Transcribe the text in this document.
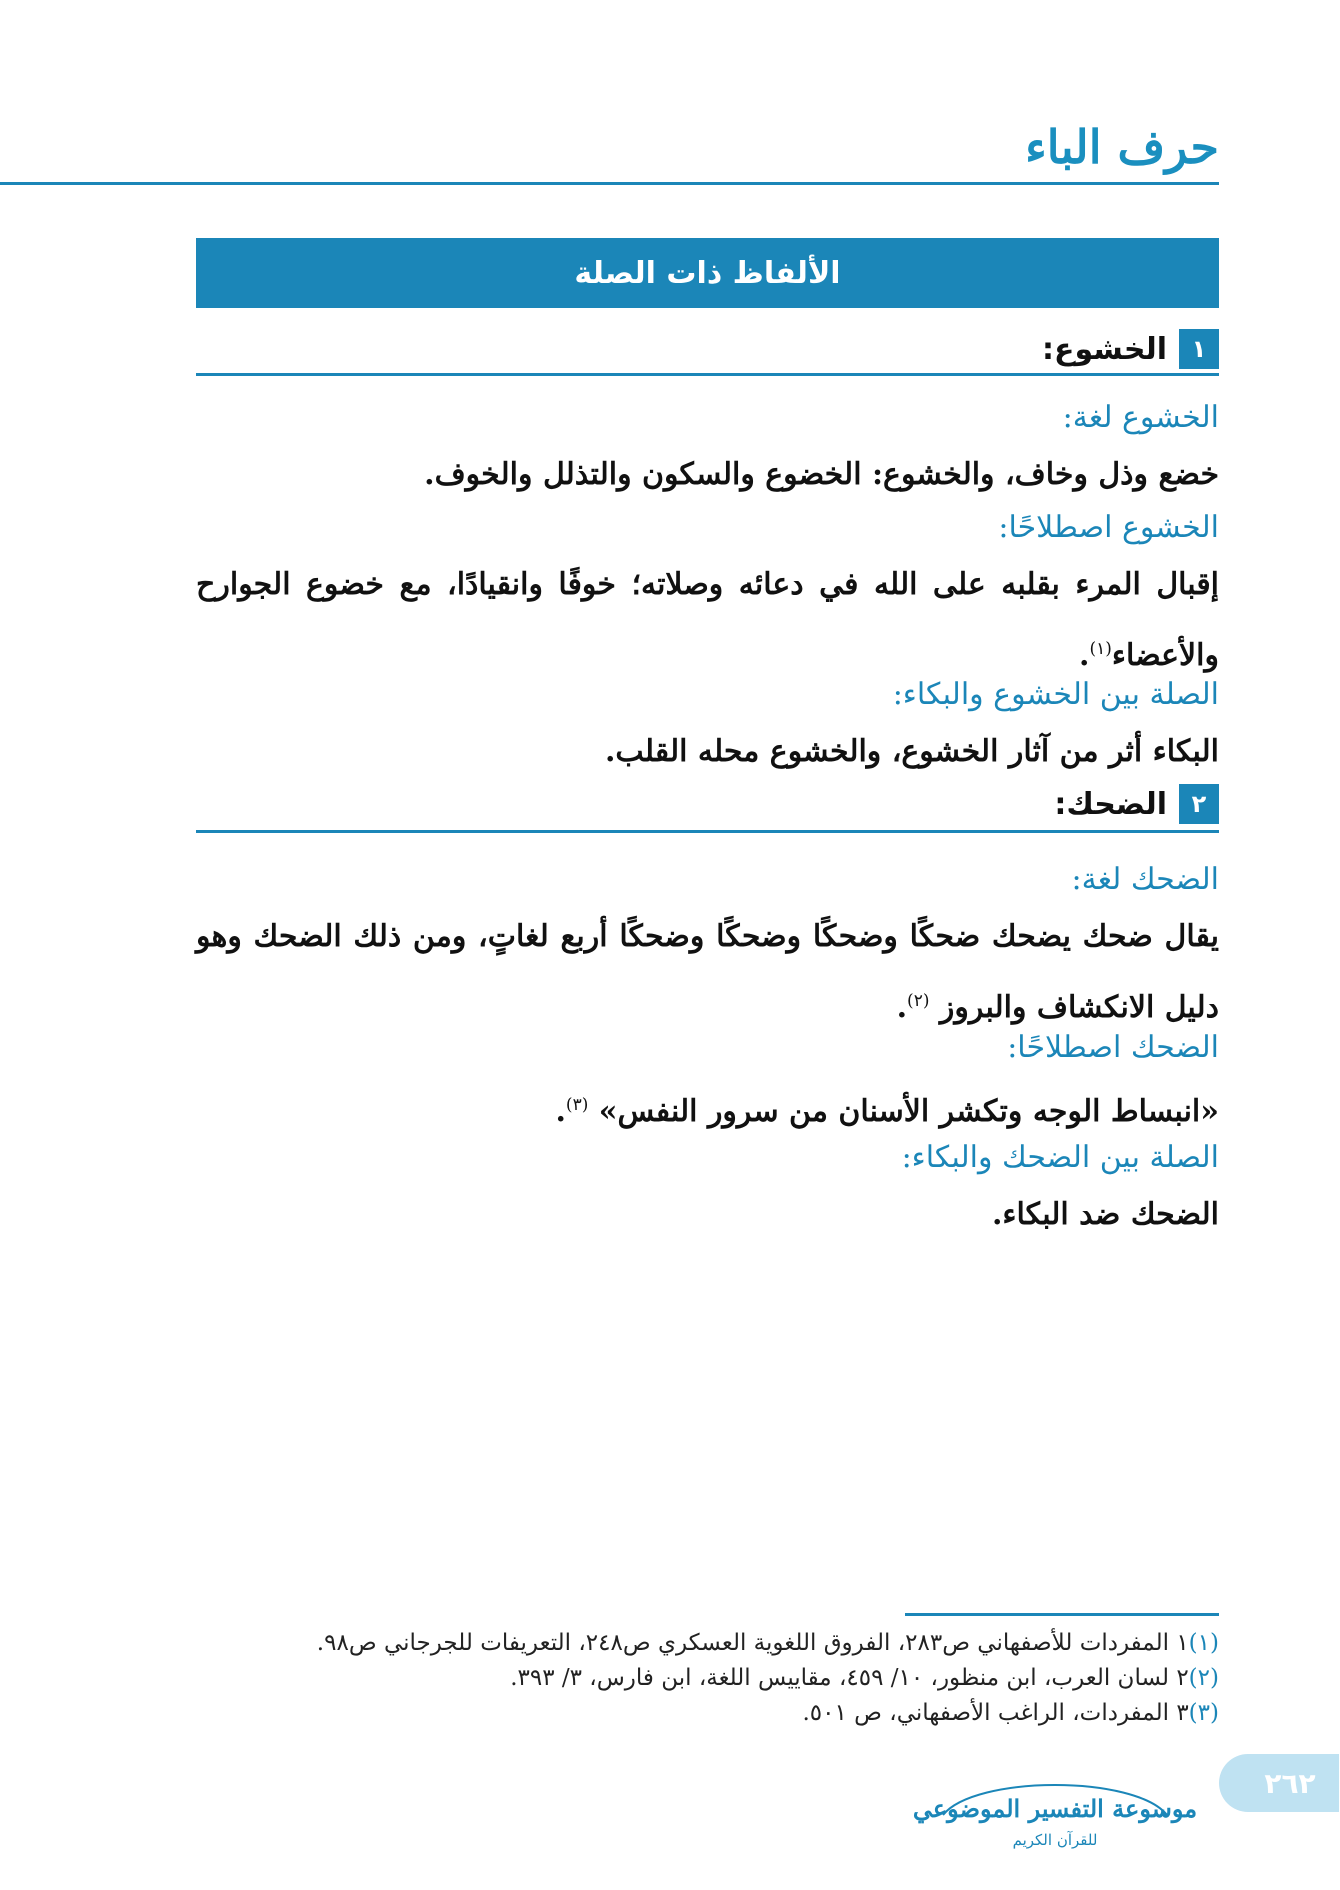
حرف الباء
الألفاظ ذات الصلة
١
الخشوع:
الخشوع لغة:
خضع وذل وخاف، والخشوع: الخضوع والسكون والتذلل والخوف.
الخشوع اصطلاحًا:
إقبال المرء بقلبه على الله في دعائه وصلاته؛ خوفًا وانقيادًا، مع خضوع الجوارح والأعضاء$^{(١)}$.
الصلة بين الخشوع والبكاء:
البكاء أثر من آثار الخشوع، والخشوع محله القلب.
٢
الضحك:
الضحك لغة:
يقال ضحك يضحك ضحكًا وضحكًا وضحكًا وضحكًا أربع لغاتٍ، ومن ذلك الضحك وهو دليل الانكشاف والبروز $^{(٢)}$.
الضحك اصطلاحًا:
«انبساط الوجه وتكشر الأسنان من سرور النفس» $^{(٣)}$.
الصلة بين الضحك والبكاء:
الضحك ضد البكاء.
(١)١ المفردات للأصفهاني ص٢٨٣، الفروق اللغوية العسكري ص٢٤٨، التعريفات للجرجاني ص٩٨.
(٢)٢ لسان العرب، ابن منظور، ١٠/ ٤٥٩، مقاييس اللغة، ابن فارس، ٣/ ٣٩٣.
(٣)٣ المفردات، الراغب الأصفهاني، ص ٥٠١.
٢٦٢
موسوعة التفسير الموضوعي
للقرآن الكريم
